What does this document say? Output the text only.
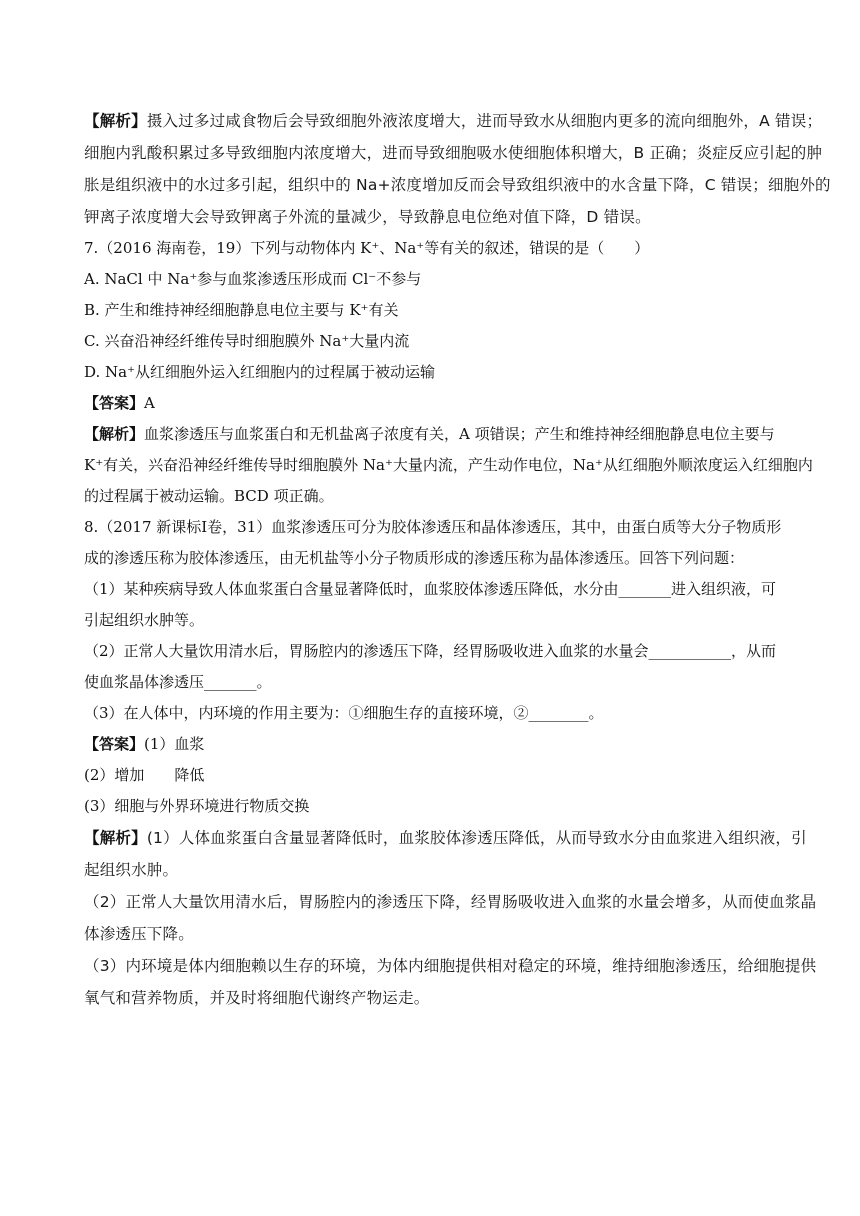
【解析】摄入过多过咸食物后会导致细胞外液浓度增大，进而导致水从细胞内更多的流向细胞外，A 错误；
细胞内乳酸积累过多导致细胞内浓度增大，进而导致细胞吸水使细胞体积增大，B 正确；炎症反应引起的肿
胀是组织液中的水过多引起，组织中的 Na+浓度增加反而会导致组织液中的水含量下降，C 错误；细胞外的
钾离子浓度增大会导致钾离子外流的量减少，导致静息电位绝对值下降，D 错误。
7.（2016 海南卷，19）下列与动物体内 K⁺、Na⁺等有关的叙述，错误的是（　　）
A. NaCl 中 Na⁺参与血浆渗透压形成而 Cl⁻不参与
B. 产生和维持神经细胞静息电位主要与 K⁺有关
C. 兴奋沿神经纤维传导时细胞膜外 Na⁺大量内流
D. Na⁺从红细胞外运入红细胞内的过程属于被动运输
【答案】A
【解析】血浆渗透压与血浆蛋白和无机盐离子浓度有关，A 项错误；产生和维持神经细胞静息电位主要与
K⁺有关，兴奋沿神经纤维传导时细胞膜外 Na⁺大量内流，产生动作电位，Na⁺从红细胞外顺浓度运入红细胞内
的过程属于被动运输。BCD 项正确。
8.（2017 新课标Ⅰ卷，31）血浆渗透压可分为胶体渗透压和晶体渗透压，其中，由蛋白质等大分子物质形
成的渗透压称为胶体渗透压，由无机盐等小分子物质形成的渗透压称为晶体渗透压。回答下列问题：
（1）某种疾病导致人体血浆蛋白含量显著降低时，血浆胶体渗透压降低，水分由_______进入组织液，可
引起组织水肿等。
（2）正常人大量饮用清水后，胃肠腔内的渗透压下降，经胃肠吸收进入血浆的水量会___________，从而
使血浆晶体渗透压_______。
（3）在人体中，内环境的作用主要为：①细胞生存的直接环境，②________。
【答案】(1）血浆
(2）增加　　降低
(3）细胞与外界环境进行物质交换
【解析】(1）人体血浆蛋白含量显著降低时，血浆胶体渗透压降低，从而导致水分由血浆进入组织液，引
起组织水肿。
（2）正常人大量饮用清水后，胃肠腔内的渗透压下降，经胃肠吸收进入血浆的水量会增多，从而使血浆晶
体渗透压下降。
（3）内环境是体内细胞赖以生存的环境，为体内细胞提供相对稳定的环境，维持细胞渗透压，给细胞提供
氧气和营养物质，并及时将细胞代谢终产物运走。
